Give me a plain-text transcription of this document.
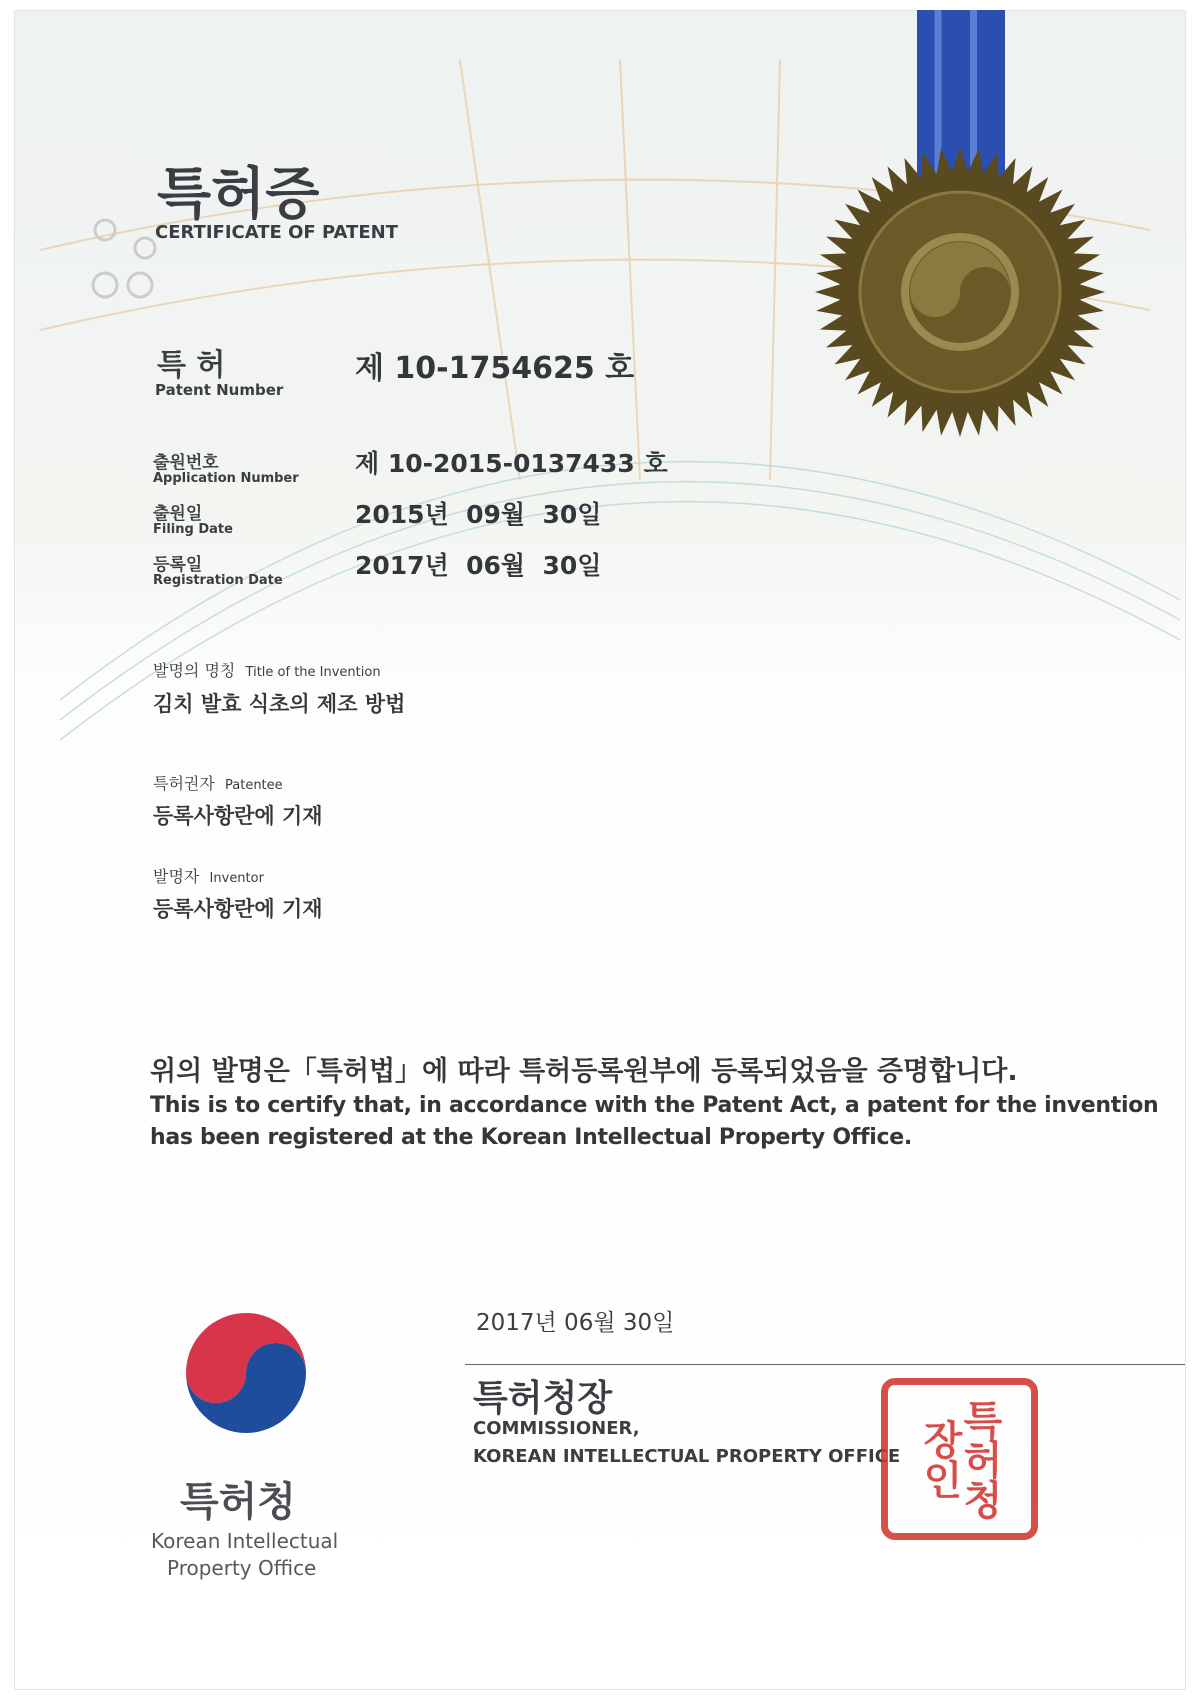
특허증
CERTIFICATE OF PATENT
특 허
Patent Number
제 10-1754625 호
출원번호
Application Number
제 10-2015-0137433 호
출원일
Filing Date
2015년  09월  30일
등록일
Registration Date
2017년  06월  30일
발명의 명칭 Title of the Invention
김치 발효 식초의 제조 방법
특허권자 Patentee
등록사항란에 기재
발명자 Inventor
등록사항란에 기재
위의 발명은「특허법」에 따라 특허등록원부에 등록되었음을 증명합니다.
This is to certify that, in accordance with the Patent Act, a patent for the invention
has been registered at the Korean Intellectual Property Office.
2017년 06월 30일
특허청장
COMMISSIONER,
KOREAN INTELLECTUAL PROPERTY OFFICE	특허청장인
특허청
Korean Intellectual
Property Office
